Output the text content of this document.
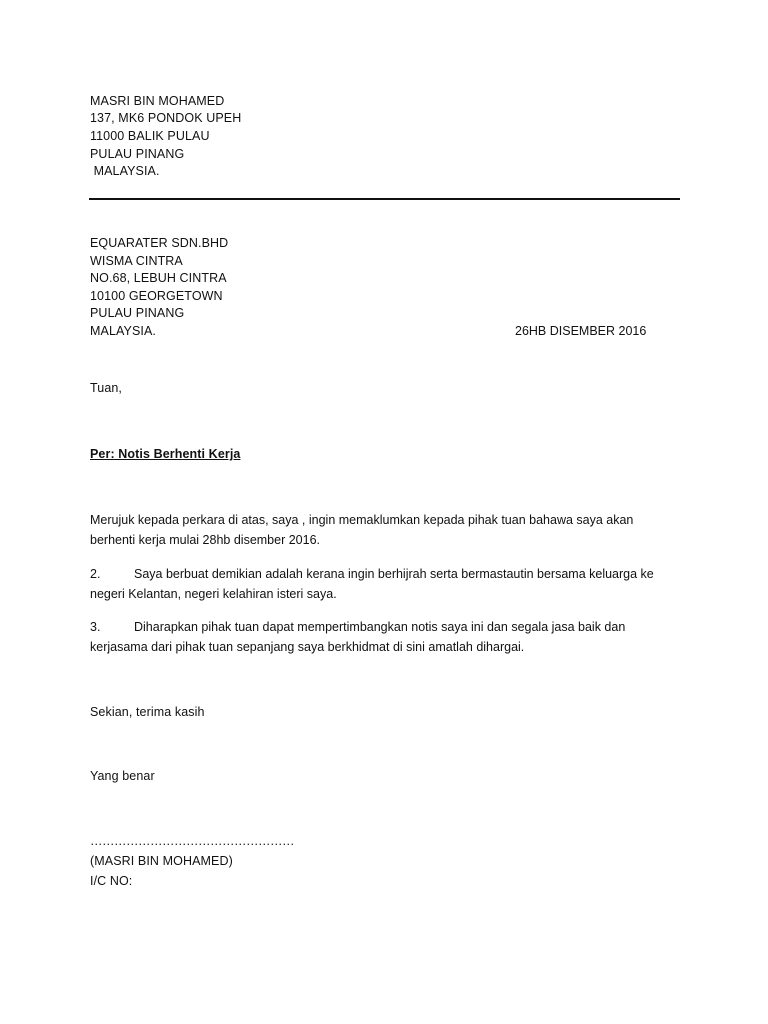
MASRI BIN MOHAMED
137, MK6 PONDOK UPEH
11000 BALIK PULAU
PULAU PINANG
MALAYSIA.
EQUARATER SDN.BHD
WISMA CINTRA
NO.68, LEBUH CINTRA
10100 GEORGETOWN
PULAU PINANG
MALAYSIA.	26HB DISEMBER 2016
Tuan,
Per: Notis Berhenti Kerja
Merujuk kepada perkara di atas, saya , ingin memaklumkan kepada pihak tuan bahawa saya akan berhenti kerja mulai 28hb disember 2016.
2.	Saya berbuat demikian adalah kerana ingin berhijrah serta bermastautin bersama keluarga ke negeri Kelantan, negeri kelahiran isteri saya.
3.	Diharapkan pihak tuan dapat mempertimbangkan notis saya ini dan segala jasa baik dan kerjasama dari pihak tuan sepanjang saya berkhidmat di sini amatlah dihargai.
Sekian, terima kasih
Yang benar
……………………………………………
(MASRI BIN MOHAMED)
I/C NO:
